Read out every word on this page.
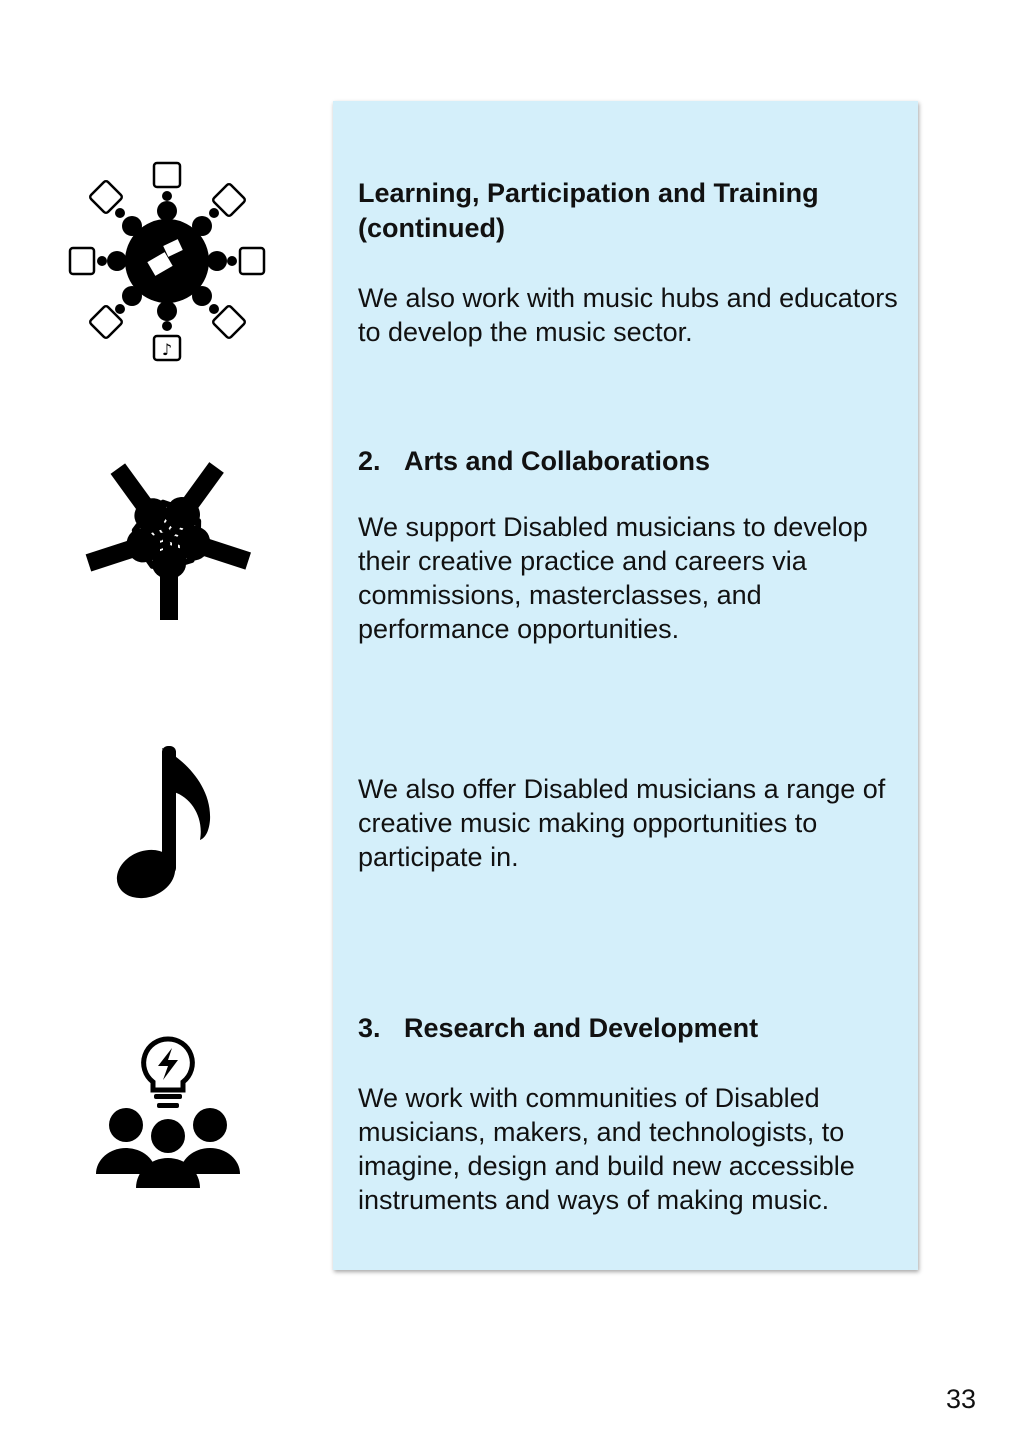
Learning, Participation and Training (continued)

We also work with music hubs and educators to develop the music sector.

2. Arts and Collaborations

We support Disabled musicians to develop their creative practice and careers via commissions, masterclasses, and performance opportunities.

We also offer Disabled musicians a range of creative music making opportunities to participate in.

3. Research and Development

We work with communities of Disabled musicians, makers, and technologists, to imagine, design and build new accessible instruments and ways of making music.

♪
33
